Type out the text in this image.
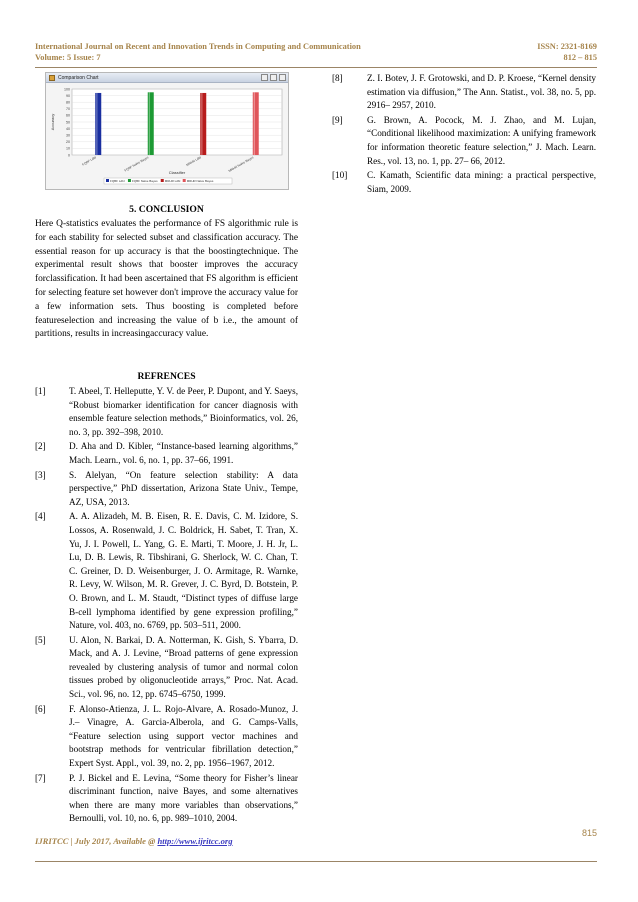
International Journal on Recent and Innovation Trends in Computing and Communication
Volume: 5 Issue: 7
ISSN: 2321-8169
812 – 815
Comparison Chart
0
10
20
30
40
50
60
70
80
90
100
Accuracy
FQBF Ldbl	FQBF Nalve Bayes	MRHR Ldbl	MRHR Nalve Bayes
Classifier
FQBF Ldbl FQBF Nalve Bayes MRHR Ldbl MRHR Nalve Bayes
5. CONCLUSION
Here Q-statistics evaluates the performance of FS algorithmic rule is for each stability for selected subset and classification accuracy. The essential reason for up accuracy is that the boostingtechnique. The experimental result shows that booster improves the accuracy forclassification. It had been ascertained that FS algorithm is efficient for selecting feature set however don't improve the accuracy value for a few information sets. Thus boosting is completed before featureselection and increasing the value of b i.e., the amount of partitions, results in increasingaccuracy value.
REFRENCES
[1]	T. Abeel, T. Helleputte, Y. V. de Peer, P. Dupont, and Y. Saeys, “Robust biomarker identification for cancer diagnosis with ensemble feature selection methods,” Bioinformatics, vol. 26, no. 3, pp. 392–398, 2010.
[2]	D. Aha and D. Kibler, “Instance-based learning algorithms,” Mach. Learn., vol. 6, no. 1, pp. 37–66, 1991.
[3]	S. Alelyan, “On feature selection stability: A data perspective,” PhD dissertation, Arizona State Univ., Tempe, AZ, USA, 2013.
[4]	A. A. Alizadeh, M. B. Eisen, R. E. Davis, C. M. Izidore, S. Lossos, A. Rosenwald, J. C. Boldrick, H. Sabet, T. Tran, X. Yu, J. I. Powell, L. Yang, G. E. Marti, T. Moore, J. H. Jr, L. Lu, D. B. Lewis, R. Tibshirani, G. Sherlock, W. C. Chan, T. C. Greiner, D. D. Weisenburger, J. O. Armitage, R. Warnke, R. Levy, W. Wilson, M. R. Grever, J. C. Byrd, D. Botstein, P. O. Brown, and L. M. Staudt, “Distinct types of diffuse large B-cell lymphoma identified by gene expression profiling,” Nature, vol. 403, no. 6769, pp. 503–511, 2000.
[5]	U. Alon, N. Barkai, D. A. Notterman, K. Gish, S. Ybarra, D. Mack, and A. J. Levine, “Broad patterns of gene expression revealed by clustering analysis of tumor and normal colon tissues probed by oligonucleotide arrays,” Proc. Nat. Acad. Sci., vol. 96, no. 12, pp. 6745–6750, 1999.
[6]	F. Alonso-Atienza, J. L. Rojo-Alvare, A. Rosado-Munoz, J. J.– Vinagre, A. Garcia-Alberola, and G. Camps-Valls, “Feature selection using support vector machines and bootstrap methods for ventricular fibrillation detection,” Expert Syst. Appl., vol. 39, no. 2, pp. 1956–1967, 2012.
[7]	P. J. Bickel and E. Levina, “Some theory for Fisher’s linear discriminant function, naive Bayes, and some alternatives when there are many more variables than observations,” Bernoulli, vol. 10, no. 6, pp. 989–1010, 2004.
[8]	Z. I. Botev, J. F. Grotowski, and D. P. Kroese, “Kernel density estimation via diffusion,” The Ann. Statist., vol. 38, no. 5, pp. 2916– 2957, 2010.
[9]	G. Brown, A. Pocock, M. J. Zhao, and M. Lujan, “Conditional likelihood maximization: A unifying framework for information theoretic feature selection,” J. Mach. Learn. Res., vol. 13, no. 1, pp. 27– 66, 2012.
[10]	C. Kamath, Scientific data mining: a practical perspective, Siam, 2009.
815
IJRITCC | July 2017, Available @ http://www.ijritcc.org
